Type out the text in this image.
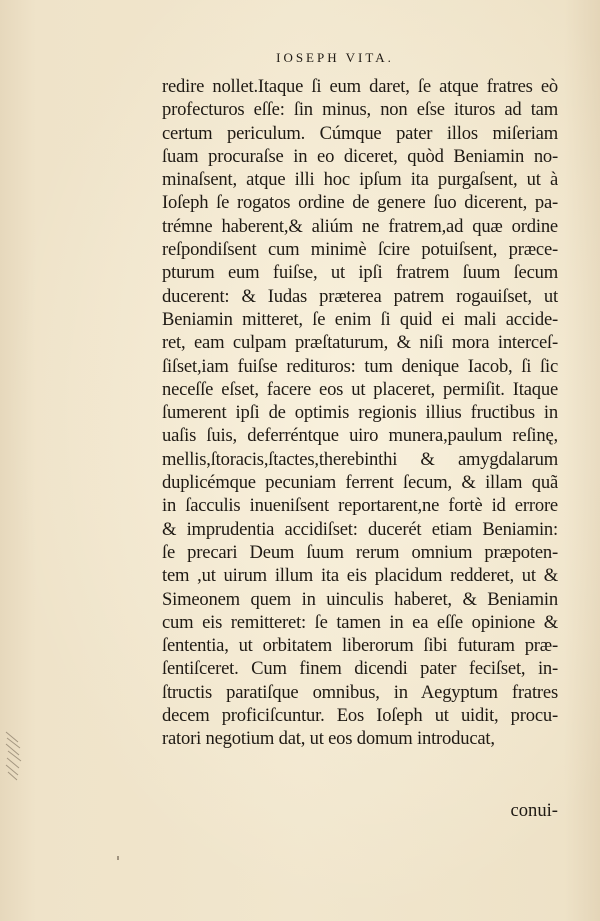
IOSEPH VITA.
redire nollet.Itaque ſi eum daret, ſe atque fratres eò
profecturos eſſe: ſin minus, non eſse ituros ad tam
certum periculum. Cúmque pater illos miſeriam
ſuam procuraſse in eo diceret, quòd Beniamin no-
minaſsent, atque illi hoc ipſum ita purgaſsent, ut à
Ioſeph ſe rogatos ordine de genere ſuo dicerent, pa-
trémne haberent,& aliúm ne fratrem,ad quæ ordine
reſpondiſsent cum minimè ſcire potuiſsent, præce-
pturum eum fuiſse, ut ipſi fratrem ſuum ſecum
ducerent: & Iudas præterea patrem rogauiſset, ut
Beniamin mitteret, ſe enim ſi quid ei mali accide-
ret, eam culpam præſtaturum, & niſi mora interceſ-
ſiſset,iam fuiſse redituros: tum denique Iacob, ſi ſic
neceſſe eſset, facere eos ut placeret, permiſit. Itaque
ſumerent ipſi de optimis regionis illius fructibus in
uaſis ſuis, deferréntque uiro munera,paulum reſinę,
mellis,ſtoracis,ſtactes,therebinthi & amygdalarum
duplicémque pecuniam ferrent ſecum, & illam quã
in ſacculis inueniſsent reportarent,ne fortè id errore
& imprudentia accidiſset: ducerét etiam Beniamin:
ſe precari Deum ſuum rerum omnium præpoten-
tem ,ut uirum illum ita eis placidum redderet, ut &
Simeonem quem in uinculis haberet, & Beniamin
cum eis remitteret: ſe tamen in ea eſſe opinione &
ſententia, ut orbitatem liberorum ſibi futuram præ-
ſentiſceret. Cum finem dicendi pater feciſset, in-
ſtructis paratiſque omnibus, in Aegyptum fratres
decem proficiſcuntur. Eos Ioſeph ut uidit, procu-
ratori negotium dat, ut eos domum introducat,
conui-
